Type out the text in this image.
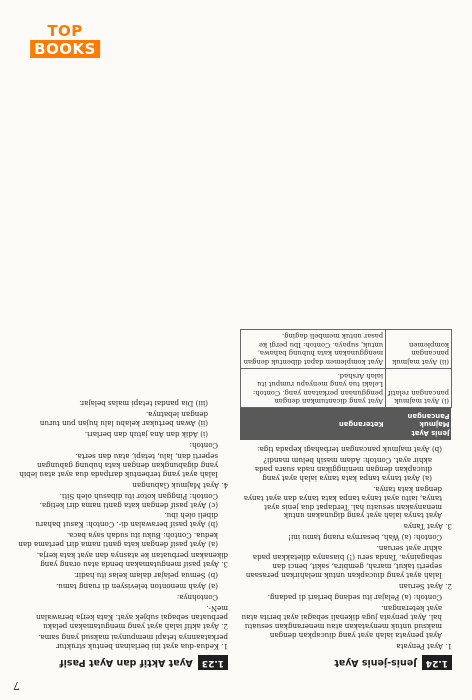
7
1.24
Jenis-jenis Ayat

1. Ayat Penyata

Ayat penyata ialah ayat yang diucapkan dengan maksud untuk menyatakan atau menerangkan sesuatu hal. Ayat penyata juga dikenali sebagai ayat berita atau ayat keterangan.

Contoh: (a) Pelajar itu sedang berlari di padang.

2. Ayat Seruan

Ialah ayat yang diucapkan untuk melahirkan perasaan seperti takut, marah, gembira, sakit, benci dan sebagainya. Tanda seru (!) biasanya diletakkan pada akhir ayat seruan.

Contoh: (a) Wah, besarnya ruang tamu ini!

3. Ayat Tanya

Ayat tanya ialah ayat yang digunakan untuk menanyakan sesuatu hal. Terdapat dua jenis ayat tanya, iaitu ayat tanya tanpa kata tanya dan ayat tanya dengan kata tanya.

(a) Ayat tanya tanpa kata tanya ialah ayat yang diucapkan dengan meninggikan nada suara pada akhir ayat. Contoh: Adam masih belum mandi?

(b) Ayat majmuk pancangan terbahagi kepada tiga:

Jenis Ayat Majmuk Pancangan	Keterangan
(i) Ayat majmuk pancangan relatif	Ayat yang dicantumkan dengan penggunaan perkataan yang. Contoh: Lelaki tua yang menyapu rumput itu ialah Arshad.
(ii) Ayat majmuk pancangan komplemen	Ayat komplemen dapat dibentuk dengan menggunakan kata hubung bahawa, untuk, supaya. Contoh: Ibu pergi ke pasar untuk membeli daging.
1.23
Ayat Aktif dan Ayat Pasif

1. Kedua-dua ayat ini berlainan bentuk struktur perkataannya tetapi mempunyai maksud yang sama.

2. Ayat aktif ialah ayat yang mengutamakan pelaku perbuatan sebagai subjek ayat. Kata kerja berawalan meN-.

Contohnya:

(a) Ayah menonton televisyen di ruang tamu.

(b) Semua pelajar dalam kelas itu hadir.

3. Ayat pasif mengutamakan benda atau orang yang dikenakan perbuatan ke atasnya dan ayat kata kerja.

(a) Ayat pasif dengan kata ganti nama diri pertama dan kedua. Contoh: Buku itu sudah saya baca.

(b) Ayat pasif berawalan di-. Contoh: Kasut baharu dibeli oleh ibu.

(c) Ayat pasif dengan kata ganti nama diri ketiga. Contoh: Pinggan kotor itu dibasuh oleh Siti.

4. Ayat Majmuk Gabungan

Ialah ayat yang terbentuk daripada dua ayat atau lebih yang digabungkan dengan kata hubung gabungan seperti dan, lalu, tetapi, atau dan serta.

Contoh:

(i) Adik dan Ana jatuh dan berlari.

(ii) Awan bertukar kelabu lalu hujan pun turun dengan lebatnya.

(iii) Dia pandai tetapi malas belajar.

TOP
BOOKS
